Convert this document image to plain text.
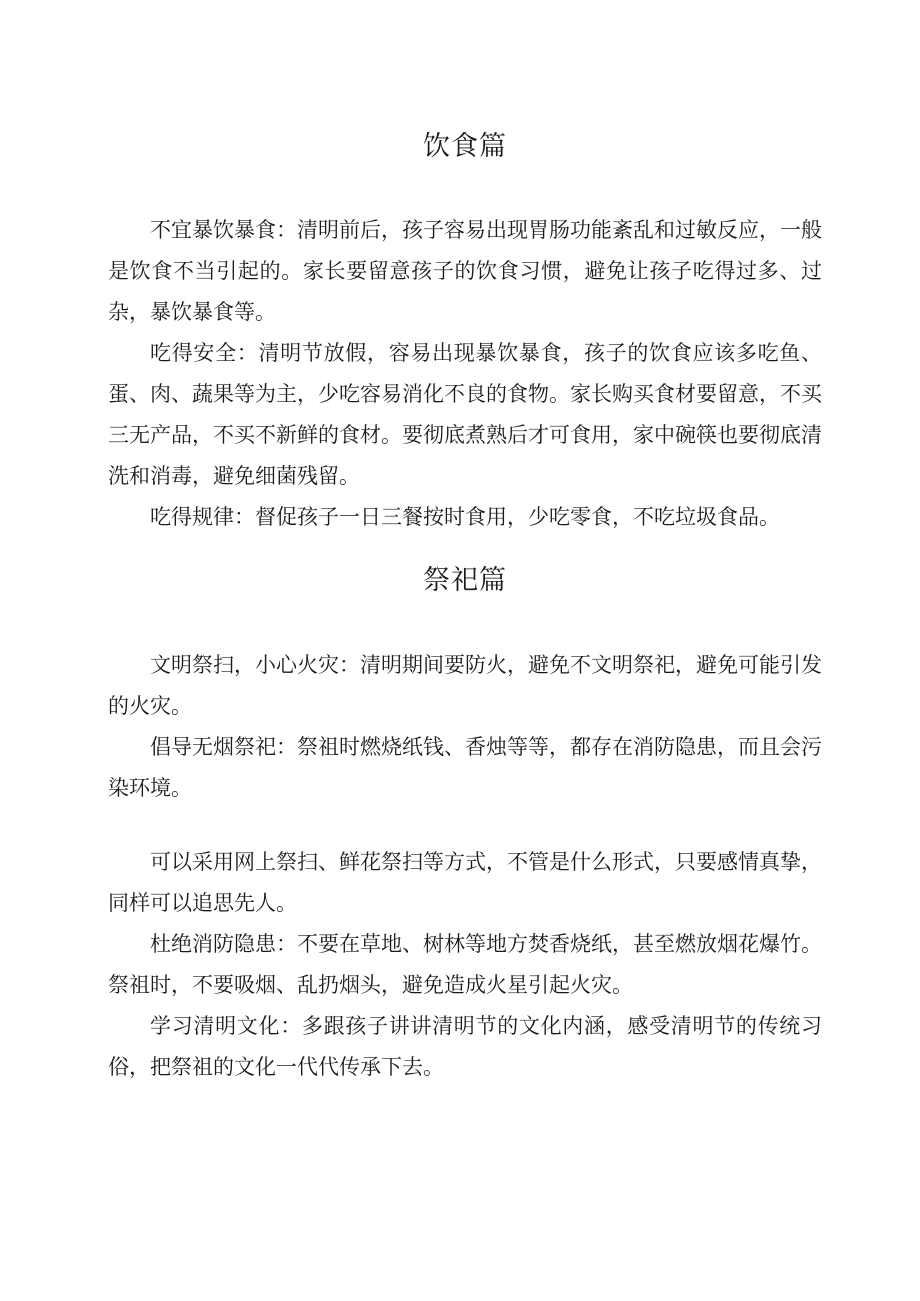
饮食篇

不宜暴饮暴食：清明前后，孩子容易出现胃肠功能紊乱和过敏反应，一般是饮食不当引起的。家长要留意孩子的饮食习惯，避免让孩子吃得过多、过杂，暴饮暴食等。

吃得安全：清明节放假，容易出现暴饮暴食，孩子的饮食应该多吃鱼、蛋、肉、蔬果等为主，少吃容易消化不良的食物。家长购买食材要留意，不买三无产品，不买不新鲜的食材。要彻底煮熟后才可食用，家中碗筷也要彻底清洗和消毒，避免细菌残留。

吃得规律：督促孩子一日三餐按时食用，少吃零食，不吃垃圾食品。

祭祀篇

文明祭扫，小心火灾：清明期间要防火，避免不文明祭祀，避免可能引发的火灾。

倡导无烟祭祀：祭祖时燃烧纸钱、香烛等等，都存在消防隐患，而且会污染环境。

可以采用网上祭扫、鲜花祭扫等方式，不管是什么形式，只要感情真挚，同样可以追思先人。

杜绝消防隐患：不要在草地、树林等地方焚香烧纸，甚至燃放烟花爆竹。祭祖时，不要吸烟、乱扔烟头，避免造成火星引起火灾。

学习清明文化：多跟孩子讲讲清明节的文化内涵，感受清明节的传统习俗，把祭祖的文化一代代传承下去。
